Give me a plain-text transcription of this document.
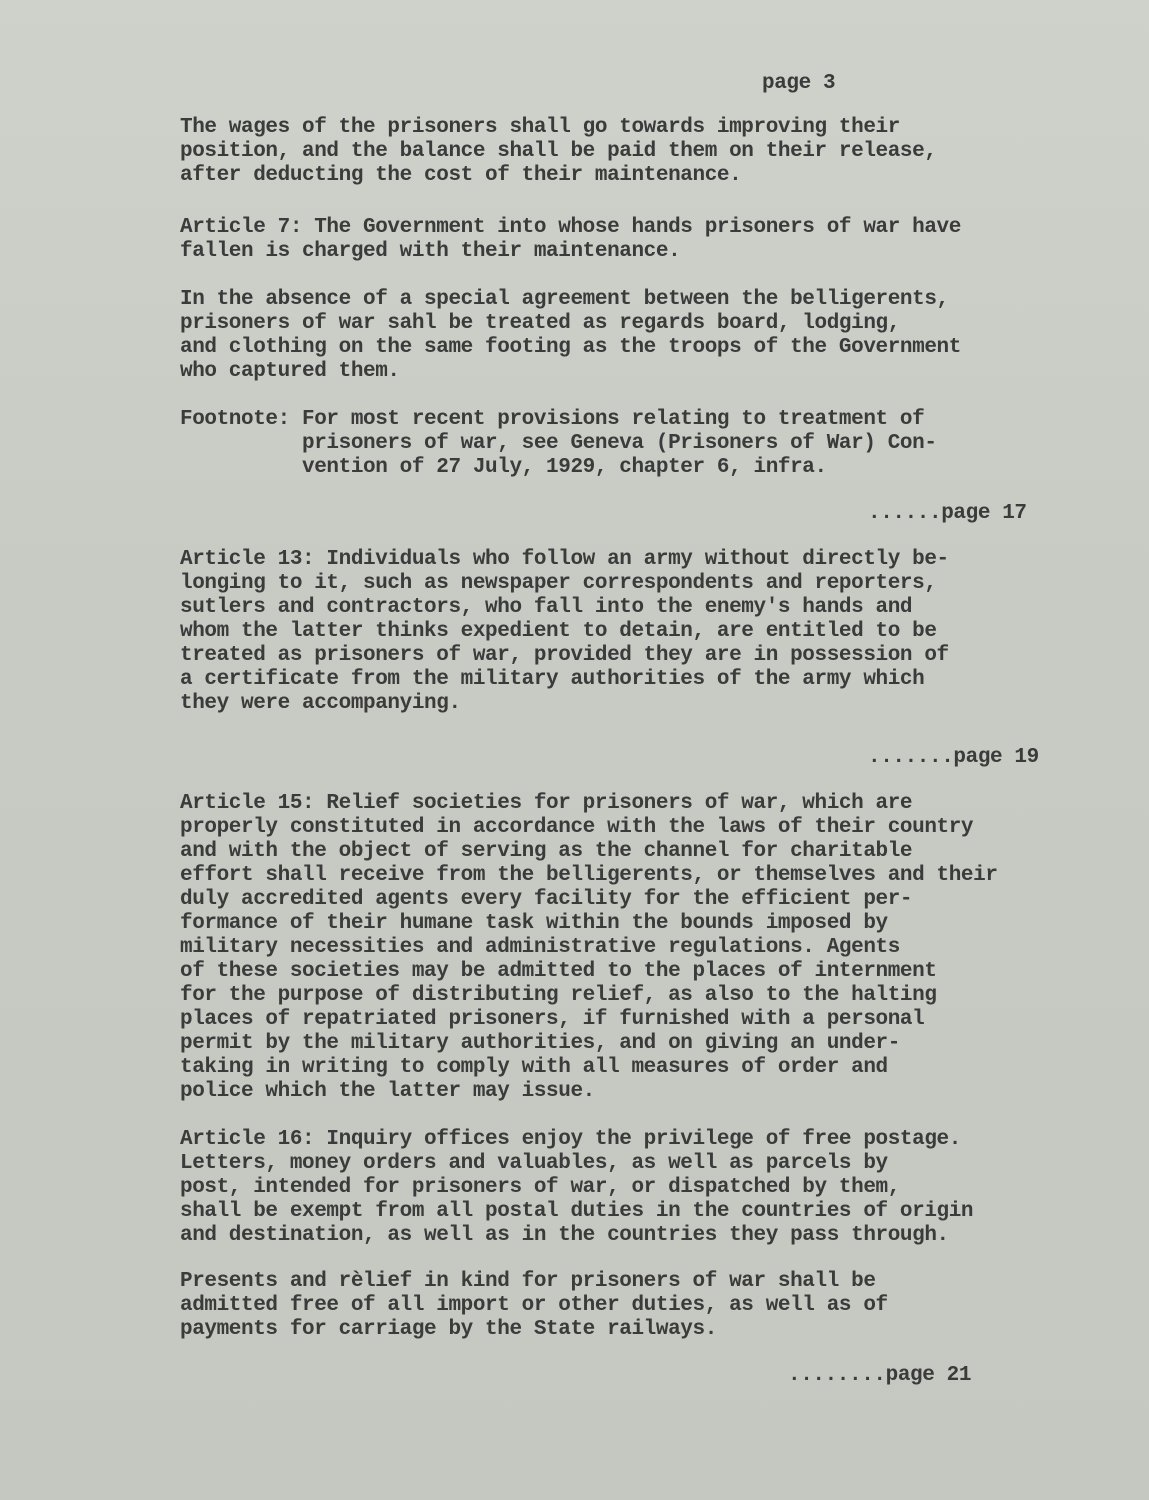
page 3
The wages of the prisoners shall go towards improving their
position, and the balance shall be paid them on their release,
after deducting the cost of their maintenance.
Article 7: The Government into whose hands prisoners of war have
fallen is charged with their maintenance.
In the absence of a special agreement between the belligerents,
prisoners of war sahl be treated as regards board, lodging,
and clothing on the same footing as the troops of the Government
who captured them.
Footnote: For most recent provisions relating to treatment of
prisoners of war, see Geneva (Prisoners of War) Con-
vention of 27 July, 1929, chapter 6, infra.
Article 13: Individuals who follow an army without directly be-
longing to it, such as newspaper correspondents and reporters,
sutlers and contractors, who fall into the enemy's hands and
whom the latter thinks expedient to detain, are entitled to be
treated as prisoners of war, provided they are in possession of
a certificate from the military authorities of the army which
they were accompanying.
Article 15: Relief societies for prisoners of war, which are
properly constituted in accordance with the laws of their country
and with the object of serving as the channel for charitable
effort shall receive from the belligerents, or themselves and their
duly accredited agents every facility for the efficient per-
formance of their humane task within the bounds imposed by
military necessities and administrative regulations. Agents
of these societies may be admitted to the places of internment
for the purpose of distributing relief, as also to the halting
places of repatriated prisoners, if furnished with a personal
permit by the military authorities, and on giving an under-
taking in writing to comply with all measures of order and
police which the latter may issue.
Article 16: Inquiry offices enjoy the privilege of free postage.
Letters, money orders and valuables, as well as parcels by
post, intended for prisoners of war, or dispatched by them,
shall be exempt from all postal duties in the countries of origin
and destination, as well as in the countries they pass through.
Presents and rèlief in kind for prisoners of war shall be
admitted free of all import or other duties, as well as of
payments for carriage by the State railways.
......page 17
.......page 19
........page 21
